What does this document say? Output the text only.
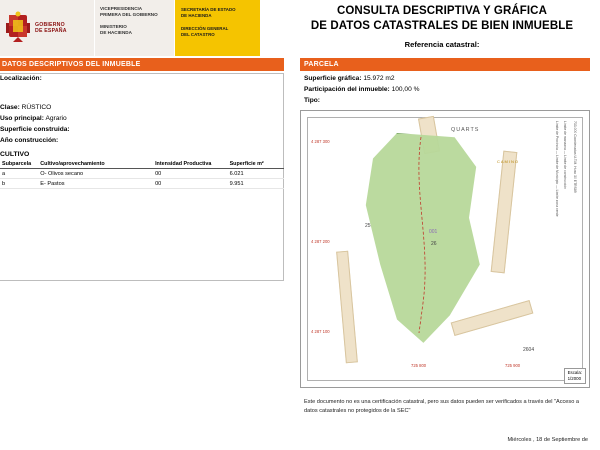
GOBIERNO
DE ESPAÑA
VICEPRESIDENCIA
PRIMERA DEL GOBIERNO
MINISTERIO
DE HACIENDA
SECRETARÍA DE ESTADO
DE HACIENDA
DIRECCIÓN GENERAL
DEL CATASTRO
CONSULTA DESCRIPTIVA Y GRÁFICA
DE DATOS CATASTRALES DE BIEN INMUEBLE
Referencia catastral:
DATOS DESCRIPTIVOS DEL INMUEBLE	PARCELA
Localización:
Clase: RÚSTICO
Uso principal: Agrario
Superficie construida:
Año construcción:
CULTIVO
Subparcela	Cultivo/aprovechamiento	Intensidad Productiva	Superficie m²
a	O- Olivos secano	00	6.021
b	E- Pastos	00	9.951
Superficie gráfica: 15.972 m2
Participación del inmueble: 100,00 %
Tipo:
QUARTS
CAMINO
4 287 300
4 287 200
4 287 100
725 800	725 900
25
26
2604
001
Límite de Provincia — Límite de Municipio — Límite zona verde Límite de manzana — Límite de construcción 733.000 Coordenadas U.T.M. Huso 30 ETRS89
Escala:
1/2000
Este documento no es una certificación catastral, pero sus datos pueden ser verificados a través del "Acceso a datos catastrales no protegidos de la SEC"
Miércoles , 18 de Septiembre de
